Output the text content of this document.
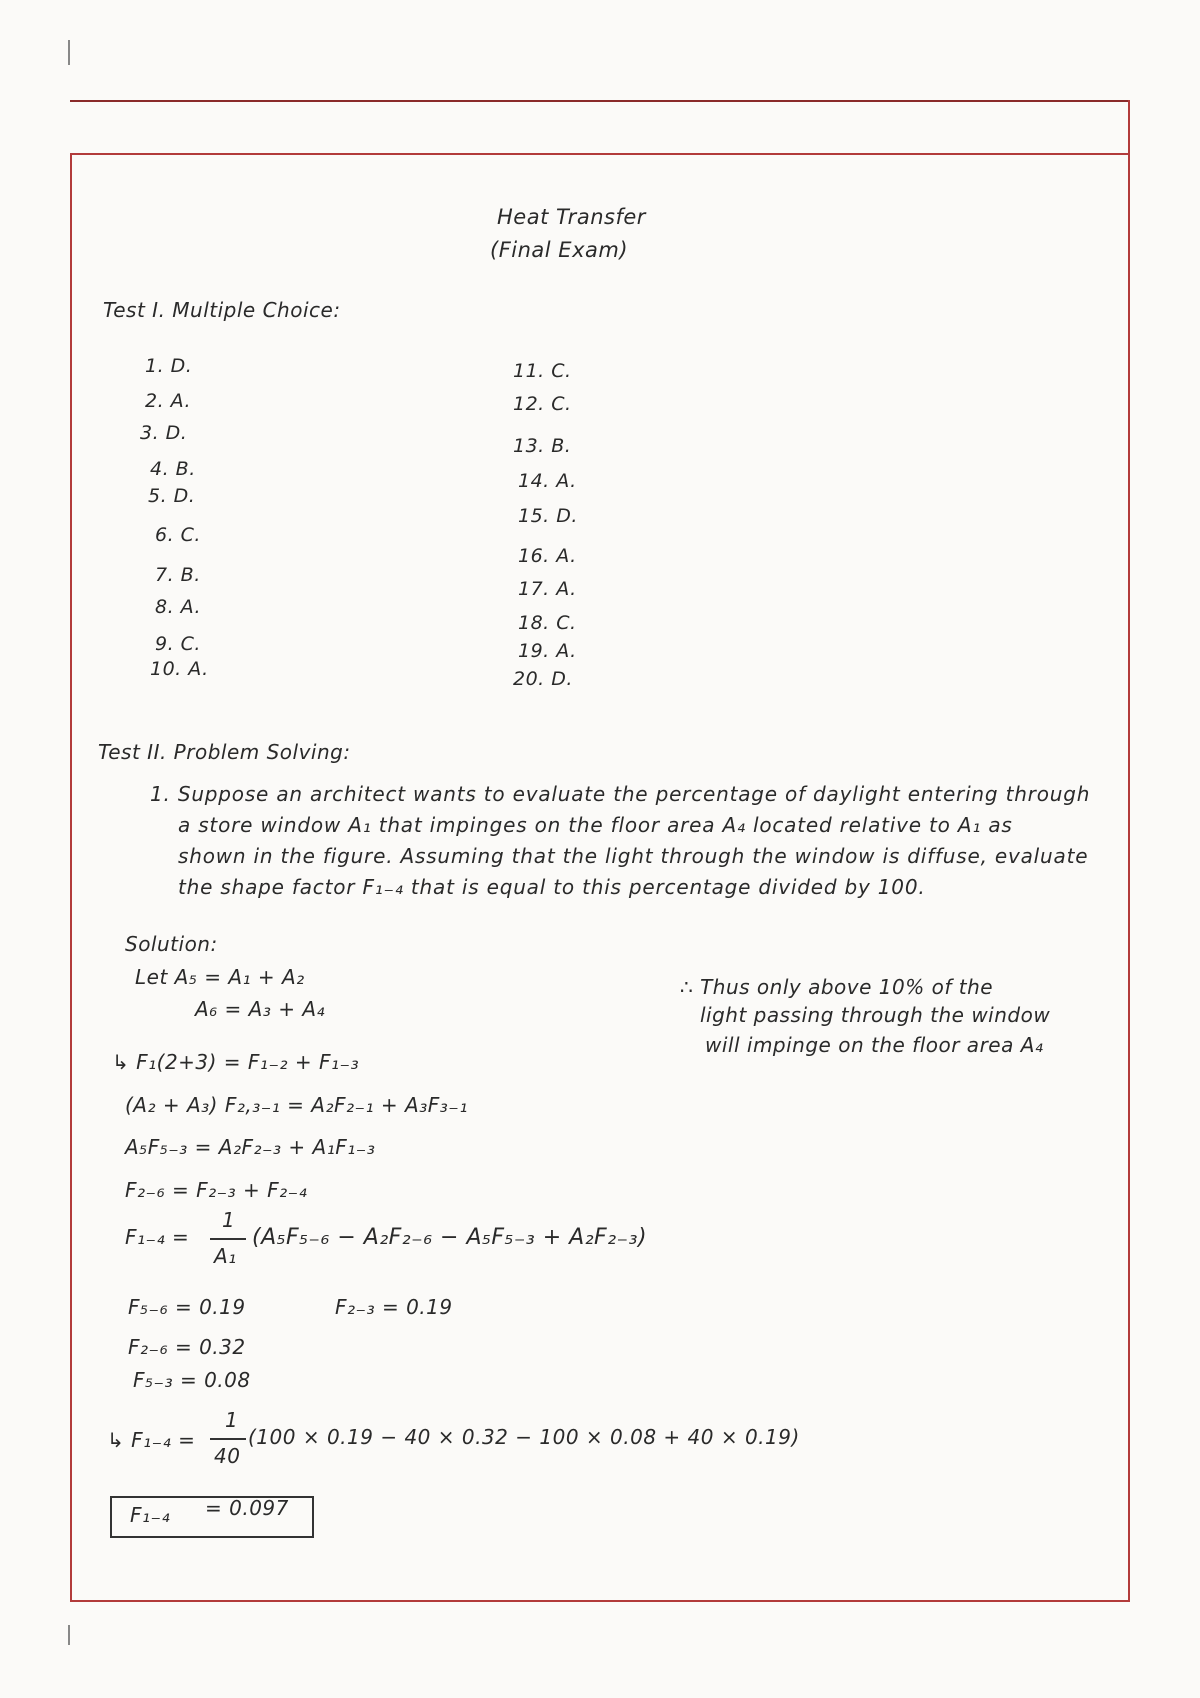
Heat Transfer
(Final Exam)
Test I. Multiple Choice:
1. D.
2. A.
3. D.
4. B.
5. D.
6. C.
7. B.
8. A.
9. C.
10. A.
11. C.
12. C.
13. B.
14. A.
15. D.
16. A.
17. A.
18. C.
19. A.
20. D.
Test II. Problem Solving:
1. Suppose an architect wants to evaluate the percentage of daylight entering through
a store window A₁ that impinges on the floor area A₄ located relative to A₁ as
shown in the figure. Assuming that the light through the window is diffuse, evaluate
the shape factor F₁₋₄ that is equal to this percentage divided by 100.
Solution:
Let A₅ = A₁ + A₂
A₆ = A₃ + A₄
∴ Thus only above 10% of the
light passing through the window
will impinge on the floor area A₄
↳ F₁(2+3) = F₁₋₂ + F₁₋₃
(A₂ + A₃) F₂,₃₋₁ = A₂F₂₋₁ + A₃F₃₋₁
A₅F₅₋₃ = A₂F₂₋₃ + A₁F₁₋₃
F₂₋₆ = F₂₋₃ + F₂₋₄
F₁₋₄ =
1
A₁
(A₅F₅₋₆ − A₂F₂₋₆ − A₅F₅₋₃ + A₂F₂₋₃)
F₅₋₆ = 0.19	F₂₋₃ = 0.19
F₂₋₆ = 0.32
F₅₋₃ = 0.08
↳ F₁₋₄ =
1
40
(100 × 0.19 − 40 × 0.32 − 100 × 0.08 + 40 × 0.19)
F₁₋₄ = 0.097
